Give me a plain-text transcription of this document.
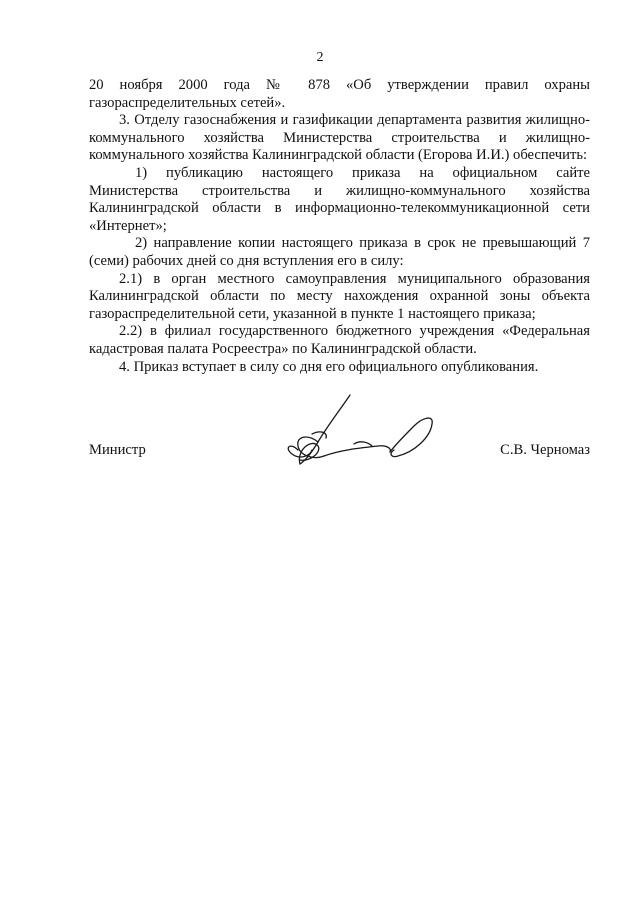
2

20 ноября 2000 года № 878 «Об утверждении правил охраны газораспределительных сетей».

3. Отделу газоснабжения и газификации департамента развития жилищно-коммунального хозяйства Министерства строительства и жилищно-коммунального хозяйства Калининградской области (Егорова И.И.) обеспечить:

1) публикацию настоящего приказа на официальном сайте Министерства строительства и жилищно-коммунального хозяйства Калининградской области в информационно-телекоммуникационной сети «Интернет»;

2) направление копии настоящего приказа в срок не превышающий 7 (семи) рабочих дней со дня вступления его в силу:

2.1) в орган местного самоуправления муниципального образования Калининградской области по месту нахождения охранной зоны объекта газораспределительной сети, указанной в пункте 1 настоящего приказа;

2.2) в филиал государственного бюджетного учреждения «Федеральная кадастровая палата Росреестра» по Калининградской области.

4. Приказ вступает в силу со дня его официального опубликования.

Министр	С.В. Черномаз
